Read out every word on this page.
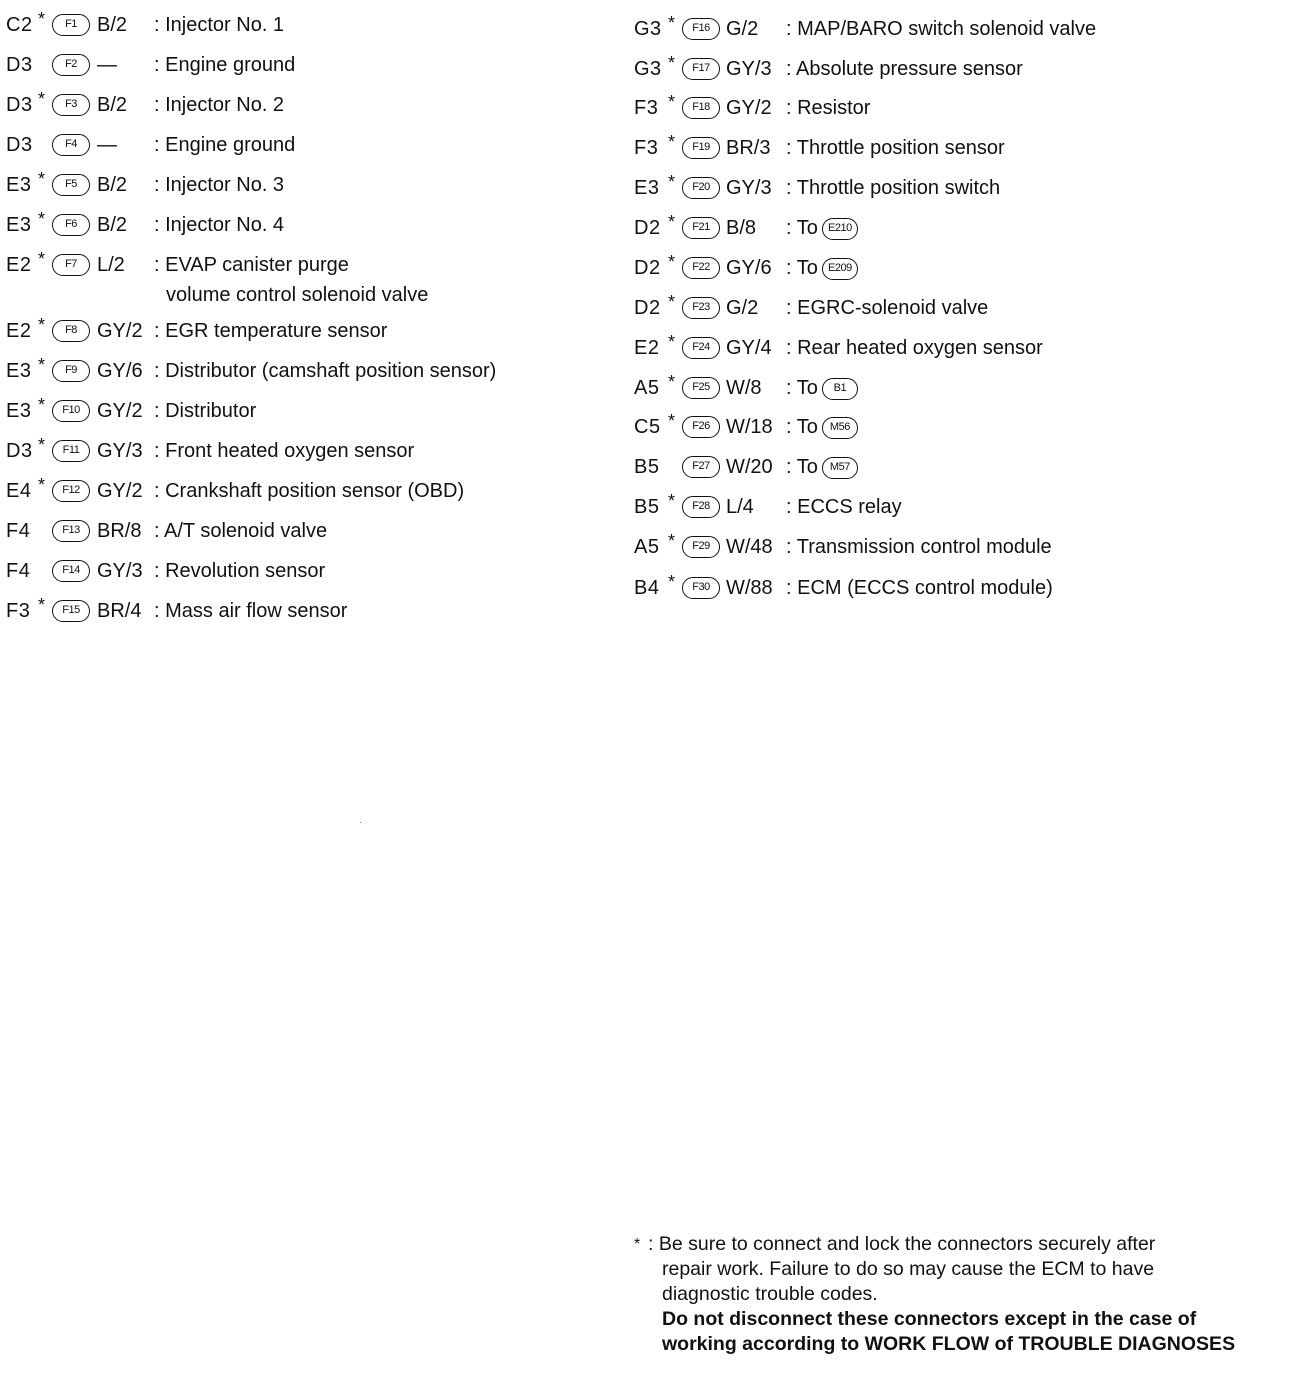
C2 *	F1	B/2 : Injector No. 1
D3	F2	— : Engine ground
D3 *	F3	B/2 : Injector No. 2
D3	F4	— : Engine ground
E3 *	F5	B/2 : Injector No. 3
E3 *	F6	B/2 : Injector No. 4
E2 *	F7	L/2 : EVAP canister purge
volume control solenoid valve
E2 *	F8	GY/2 : EGR temperature sensor
E3 *	F9	GY/6 : Distributor (camshaft position sensor)
E3 *	F10 GY/2 : Distributor
D3 *	F11 GY/3 : Front heated oxygen sensor
E4 *	F12 GY/2 : Crankshaft position sensor (OBD)
F4	F13 BR/8 : A/T solenoid valve
F4	F14 GY/3 : Revolution sensor
F3 *	F15 BR/4 : Mass air flow sensor
G3 *	F16 G/2 : MAP/BARO switch solenoid valve
G3 *	F17 GY/3 : Absolute pressure sensor
F3 *	F18 GY/2 : Resistor
F3 *	F19 BR/3 : Throttle position sensor
E3 *	F20 GY/3 : Throttle position switch
D2 *	F21 B/8 : To E210
D2 *	F22 GY/6 : To E209
D2 *	F23 G/2 : EGRC-solenoid valve
E2 *	F24 GY/4 : Rear heated oxygen sensor
A5 *	F25 W/8 : To B1
C5 *	F26 W/18 : To M56
B5	F27 W/20 : To M57
B5 *	F28 L/4 : ECCS relay
A5 *	F29 W/48 : Transmission control module
B4 *	F30 W/88 : ECM (ECCS control module)
* : Be sure to connect and lock the connectors securely after
repair work. Failure to do so may cause the ECM to have
diagnostic trouble codes.
Do not disconnect these connectors except in the case of
working according to WORK FLOW of TROUBLE DIAGNOSES
